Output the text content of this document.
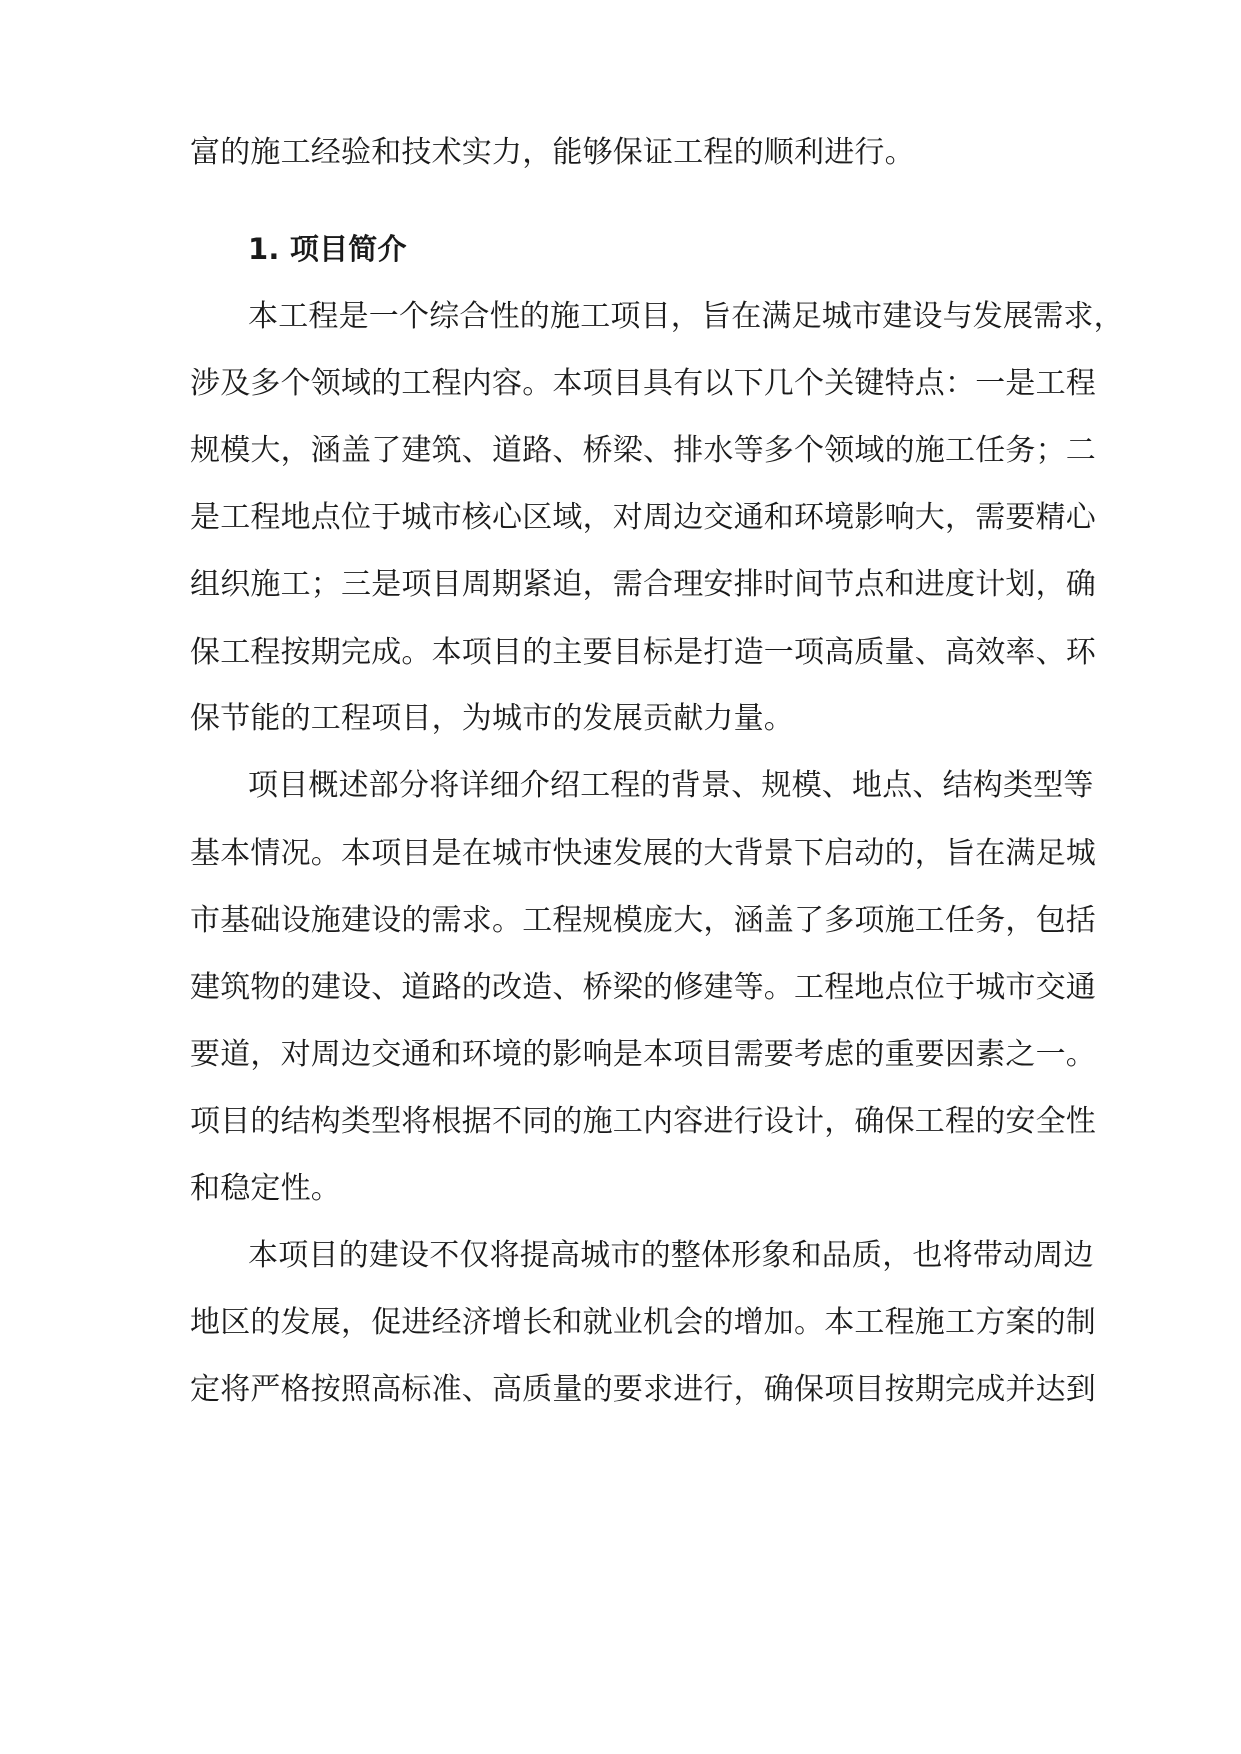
富的施工经验和技术实力，能够保证工程的顺利进行。
1. 项目简介
本工程是一个综合性的施工项目，旨在满足城市建设与发展需求，
涉及多个领域的工程内容。本项目具有以下几个关键特点：一是工程
规模大，涵盖了建筑、道路、桥梁、排水等多个领域的施工任务；二
是工程地点位于城市核心区域，对周边交通和环境影响大，需要精心
组织施工；三是项目周期紧迫，需合理安排时间节点和进度计划，确
保工程按期完成。本项目的主要目标是打造一项高质量、高效率、环
保节能的工程项目，为城市的发展贡献力量。
项目概述部分将详细介绍工程的背景、规模、地点、结构类型等
基本情况。本项目是在城市快速发展的大背景下启动的，旨在满足城
市基础设施建设的需求。工程规模庞大，涵盖了多项施工任务，包括
建筑物的建设、道路的改造、桥梁的修建等。工程地点位于城市交通
要道，对周边交通和环境的影响是本项目需要考虑的重要因素之一。
项目的结构类型将根据不同的施工内容进行设计，确保工程的安全性
和稳定性。
本项目的建设不仅将提高城市的整体形象和品质，也将带动周边
地区的发展，促进经济增长和就业机会的增加。本工程施工方案的制
定将严格按照高标准、高质量的要求进行，确保项目按期完成并达到
